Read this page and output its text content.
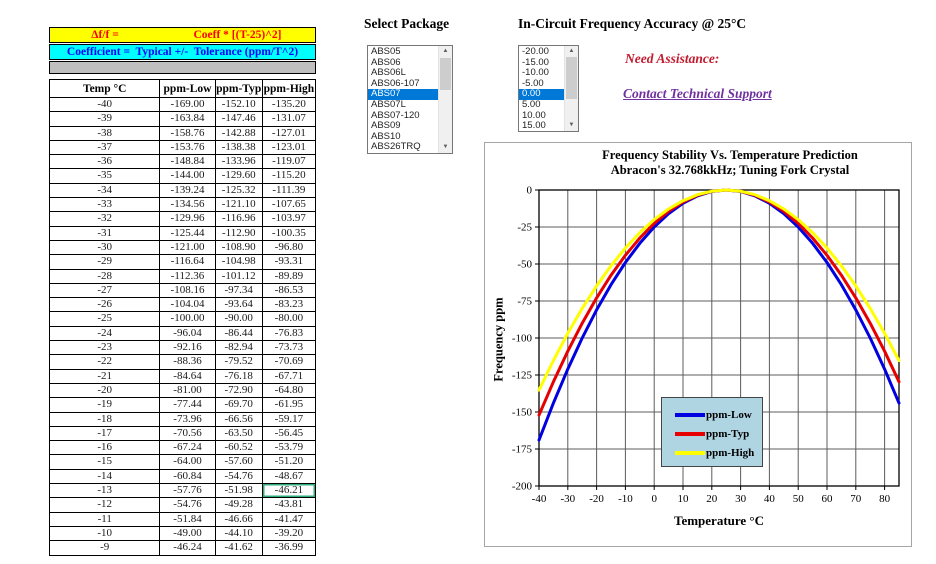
Δf/f =	Coeff * [(T-25)^2]
Coefficient =  Typical +/-  Tolerance (ppm/T^2)
Temp °C	ppm-Low	ppm-Typ	ppm-High
-40	-169.00	-152.10	-135.20
-39	-163.84	-147.46	-131.07
-38	-158.76	-142.88	-127.01
-37	-153.76	-138.38	-123.01
-36	-148.84	-133.96	-119.07
-35	-144.00	-129.60	-115.20
-34	-139.24	-125.32	-111.39
-33	-134.56	-121.10	-107.65
-32	-129.96	-116.96	-103.97
-31	-125.44	-112.90	-100.35
-30	-121.00	-108.90	-96.80
-29	-116.64	-104.98	-93.31
-28	-112.36	-101.12	-89.89
-27	-108.16	-97.34	-86.53
-26	-104.04	-93.64	-83.23
-25	-100.00	-90.00	-80.00
-24	-96.04	-86.44	-76.83
-23	-92.16	-82.94	-73.73
-22	-88.36	-79.52	-70.69
-21	-84.64	-76.18	-67.71
-20	-81.00	-72.90	-64.80
-19	-77.44	-69.70	-61.95
-18	-73.96	-66.56	-59.17
-17	-70.56	-63.50	-56.45
-16	-67.24	-60.52	-53.79
-15	-64.00	-57.60	-51.20
-14	-60.84	-54.76	-48.67
-13	-57.76	-51.98	-46.21
-12	-54.76	-49.28	-43.81
-11	-51.84	-46.66	-41.47
-10	-49.00	-44.10	-39.20
-9	-46.24	-41.62	-36.99
Select Package
ABS05
ABS06
ABS06L
ABS06-107
ABS07
ABS07L
ABS07-120
ABS09
ABS10
ABS26TRQ
▲
▼
In-Circuit Frequency Accuracy @ 25°C
-20.00
-15.00
-10.00
-5.00
0.00
5.00
10.00
15.00
▲
▼
Need Assistance:
Contact Technical Support
Frequency Stability Vs. Temperature Prediction
Abracon's 32.768kkHz; Tuning Fork Crystal
-40 -30 -20 -10 0 10 20 30 40 50 60 70 80
0
-25
-50
-75
-100
-125
-150
-175
-200
ppm-Low
ppm-Typ
ppm-High
Temperature °C
Frequency ppm
